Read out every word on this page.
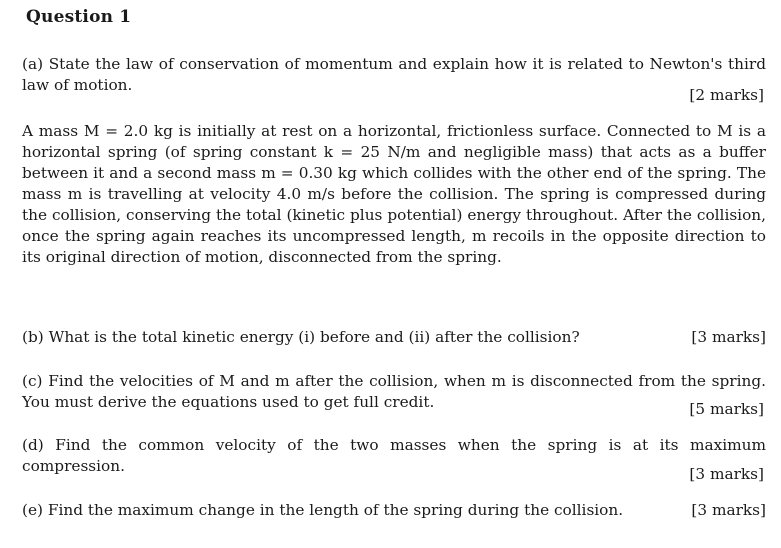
Question 1
(a) State the law of conservation of momentum and explain how it is related to Newton's third law of motion.
[2 marks]
A mass M = 2.0 kg is initially at rest on a horizontal, frictionless surface. Connected to M is a horizontal spring (of spring constant k = 25 N/m and negligible mass) that acts as a buffer between it and a second mass m = 0.30 kg which collides with the other end of the spring. The mass m is travelling at velocity 4.0 m/s before the collision. The spring is compressed during the collision, conserving the total (kinetic plus potential) energy throughout. After the collision, once the spring again reaches its uncompressed length, m recoils in the opposite direction to its original direction of motion, disconnected from the spring.
[3 marks]
(b) What is the total kinetic energy (i) before and (ii) after the collision?
(c) Find the velocities of M and m after the collision, when m is disconnected from the spring. You must derive the equations used to get full credit.	[5 marks]
(d) Find the common velocity of the two masses when the spring is at its maximum compression.	[3 marks]
[3 marks]
(e) Find the maximum change in the length of the spring during the collision.
